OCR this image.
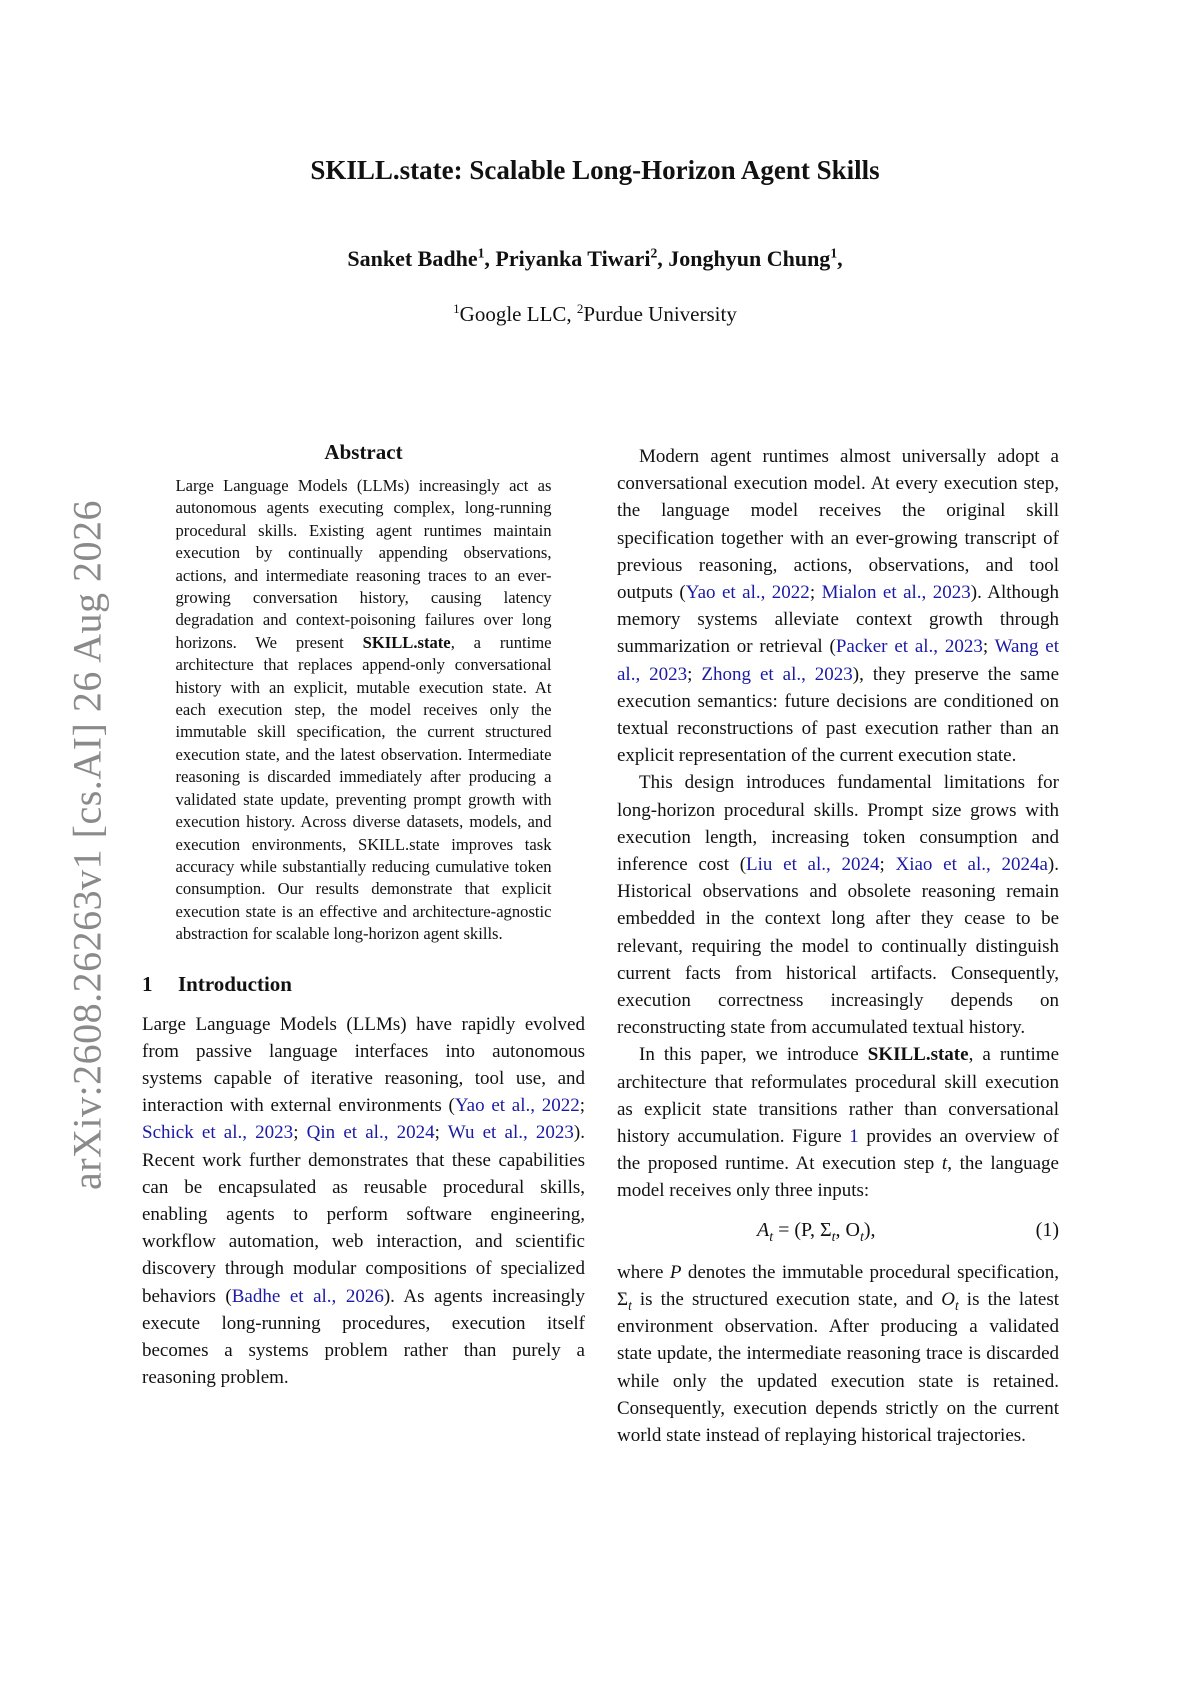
arXiv:2608.26263v1 [cs.AI] 26 Aug 2026
SKILL.state: Scalable Long-Horizon Agent Skills
Sanket Badhe$^1$, Priyanka Tiwari$^2$, Jonghyun Chung$^1$,
$^1$Google LLC, $^2$Purdue University
Abstract

Large Language Models (LLMs) increasingly act as autonomous agents executing complex, long-running procedural skills. Existing agent runtimes maintain execution by continually appending observations, actions, and intermediate reasoning traces to an ever-growing conversation history, causing latency degradation and context-poisoning failures over long horizons. We present SKILL.state, a runtime architecture that replaces append-only conversational history with an explicit, mutable execution state. At each execution step, the model receives only the immutable skill specification, the current structured execution state, and the latest observation. Intermediate reasoning is discarded immediately after producing a validated state update, preventing prompt growth with execution history. Across diverse datasets, models, and execution environments, SKILL.state improves task accuracy while substantially reducing cumulative token consumption. Our results demonstrate that explicit execution state is an effective and architecture-agnostic abstraction for scalable long-horizon agent skills.

1 Introduction

Large Language Models (LLMs) have rapidly evolved from passive language interfaces into autonomous systems capable of iterative reasoning, tool use, and interaction with external environments (Yao et al., 2022; Schick et al., 2023; Qin et al., 2024; Wu et al., 2023). Recent work further demonstrates that these capabilities can be encapsulated as reusable procedural skills, enabling agents to perform software engineering, workflow automation, web interaction, and scientific discovery through modular compositions of specialized behaviors (Badhe et al., 2026). As agents increasingly execute long-running procedures, execution itself becomes a systems problem rather than purely a reasoning problem.

Modern agent runtimes almost universally adopt a conversational execution model. At every execution step, the language model receives the original skill specification together with an ever-growing transcript of previous reasoning, actions, observations, and tool outputs (Yao et al., 2022; Mialon et al., 2023). Although memory systems alleviate context growth through summarization or retrieval (Packer et al., 2023; Wang et al., 2023; Zhong et al., 2023), they preserve the same execution semantics: future decisions are conditioned on textual reconstructions of past execution rather than an explicit representation of the current execution state.

This design introduces fundamental limitations for long-horizon procedural skills. Prompt size grows with execution length, increasing token consumption and inference cost (Liu et al., 2024; Xiao et al., 2024a). Historical observations and obsolete reasoning remain embedded in the context long after they cease to be relevant, requiring the model to continually distinguish current facts from historical artifacts. Consequently, execution correctness increasingly depends on reconstructing state from accumulated textual history.

In this paper, we introduce SKILL.state, a runtime architecture that reformulates procedural skill execution as explicit state transitions rather than conversational history accumulation. Figure 1 provides an overview of the proposed runtime. At execution step t, the language model receives only three inputs:

$A_t = (P$, $\Sigma_t$, $O_t$),	(1)

where P denotes the immutable procedural specification, $\Sigma_t$ is the structured execution state, and $O_t$ is the latest environment observation. After producing a validated state update, the intermediate reasoning trace is discarded while only the updated execution state is retained. Consequently, execution depends strictly on the current world state instead of replaying historical trajectories.
